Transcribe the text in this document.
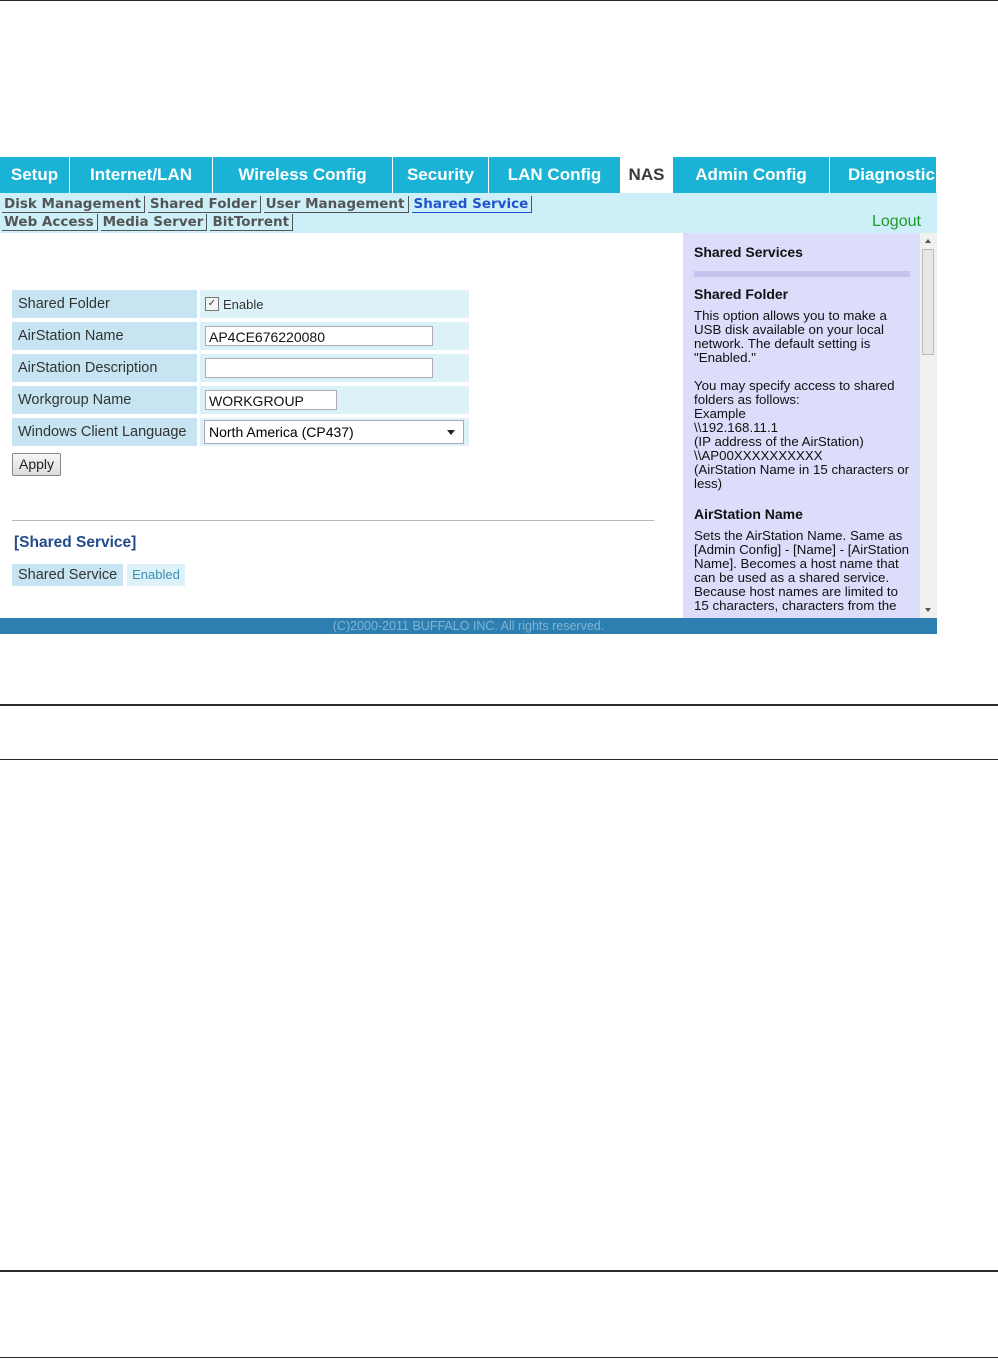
Setup	Internet/LAN	Wireless Config	Security	LAN Config	NAS	Admin Config	Diagnostic
Disk Management Shared Folder User Management Shared Service
Web Access Media Server BitTorrent	Logout
Shared Folder	✓ Enable
AirStation Name	AP4CE676220080
AirStation Description
Workgroup Name	WORKGROUP
Windows Client Language	North America (CP437)
Apply
[Shared Service]
Shared Service	Enabled
Shared Services
Shared Folder

This option allows you to make a USB disk available on your local network. The default setting is "Enabled."

You may specify access to shared folders as follows:
Example
\\192.168.11.1
(IP address of the AirStation)
\\AP00XXXXXXXXXX
(AirStation Name in 15 characters or less)

AirStation Name

Sets the AirStation Name. Same as [Admin Config] - [Name] - [AirStation Name]. Becomes a host name that can be used as a shared service. Because host names are limited to 15 characters, characters from the

(C)2000-2011 BUFFALO INC. All rights reserved.
